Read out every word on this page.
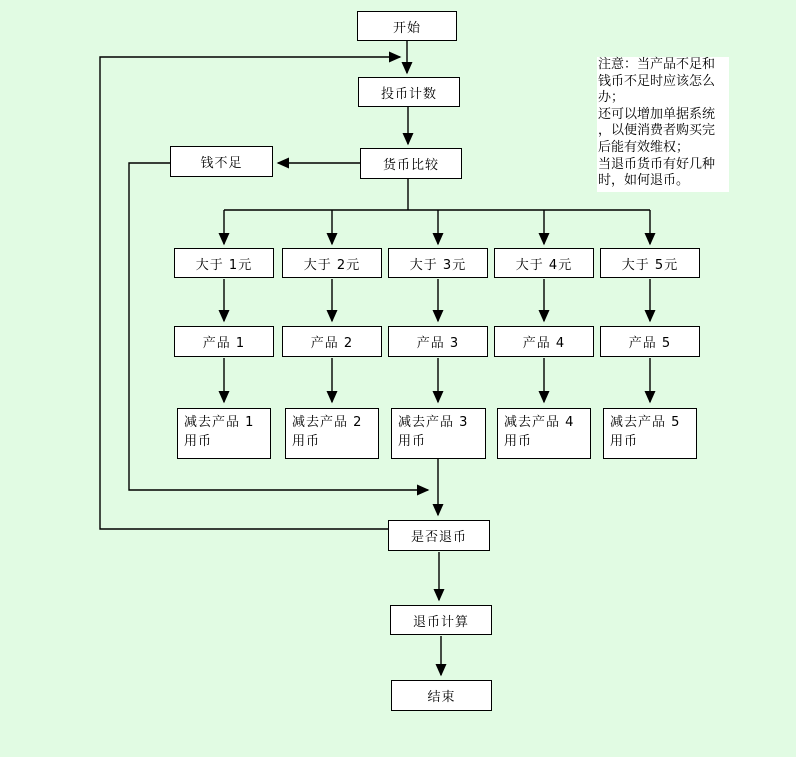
开始
投币计数
货币比较
钱不足
大于 1元	大于 2元	大于 3元	大于 4元	大于 5元
产品 1	产品 2	产品 3	产品 4	产品 5
减去产品 1
用币
减去产品 2
用币
减去产品 3
用币
减去产品 4
用币
减去产品 5
用币
是否退币
退币计算
结束
注意：当产品不足和
钱币不足时应该怎么
办；
还可以增加单据系统
，以便消费者购买完
后能有效维权；
当退币货币有好几种
时，如何退币。
